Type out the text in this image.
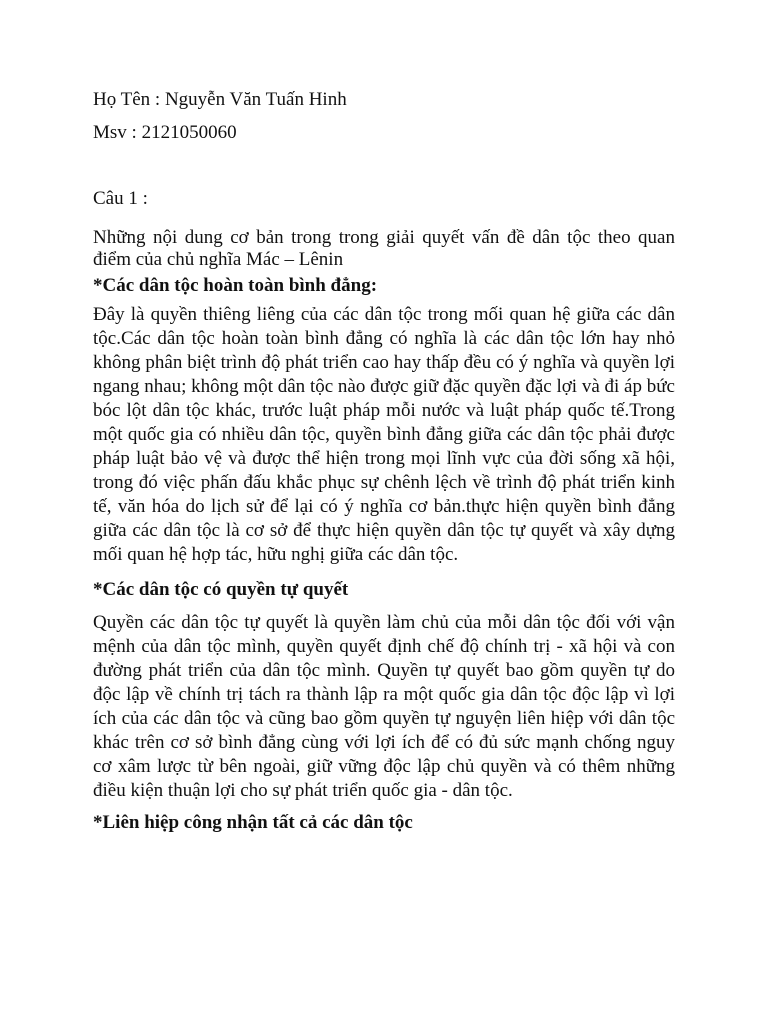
Họ Tên : Nguyễn Văn Tuấn Hinh

Msv : 2121050060

Câu 1 :

Những nội dung cơ bản trong trong giải quyết vấn đề dân tộc theo quan điểm của chủ nghĩa Mác – Lênin

*Các dân tộc hoàn toàn bình đẳng:

Đây là quyền thiêng liêng của các dân tộc trong mối quan hệ giữa các dân tộc.Các dân tộc hoàn toàn bình đẳng có nghĩa là các dân tộc lớn hay nhỏ không phân biệt trình độ phát triển cao hay thấp đều có ý nghĩa và quyền lợi ngang nhau; không một dân tộc nào được giữ đặc quyền đặc lợi và đi áp bức bóc lột dân tộc khác, trước luật pháp mỗi nước và luật pháp quốc tế.Trong một quốc gia có nhiều dân tộc, quyền bình đẳng giữa các dân tộc phải được pháp luật bảo vệ và được thể hiện trong mọi lĩnh vực của đời sống xã hội, trong đó việc phấn đấu khắc phục sự chênh lệch về trình độ phát triển kinh tế, văn hóa do lịch sử để lại có ý nghĩa cơ bản.thực hiện quyền bình đẳng giữa các dân tộc là cơ sở để thực hiện quyền dân tộc tự quyết và xây dựng mối quan hệ hợp tác, hữu nghị giữa các dân tộc.

*Các dân tộc có quyền tự quyết

Quyền các dân tộc tự quyết là quyền làm chủ của mỗi dân tộc đối với vận mệnh của dân tộc mình, quyền quyết định chế độ chính trị - xã hội và con đường phát triển của dân tộc mình. Quyền tự quyết bao gồm quyền tự do độc lập về chính trị tách ra thành lập ra một quốc gia dân tộc độc lập vì lợi ích của các dân tộc và cũng bao gồm quyền tự nguyện liên hiệp với dân tộc khác trên cơ sở bình đẳng cùng với lợi ích để có đủ sức mạnh chống nguy cơ xâm lược từ bên ngoài, giữ vững độc lập chủ quyền và có thêm những điều kiện thuận lợi cho sự phát triển quốc gia - dân tộc.

*Liên hiệp công nhận tất cả các dân tộc
